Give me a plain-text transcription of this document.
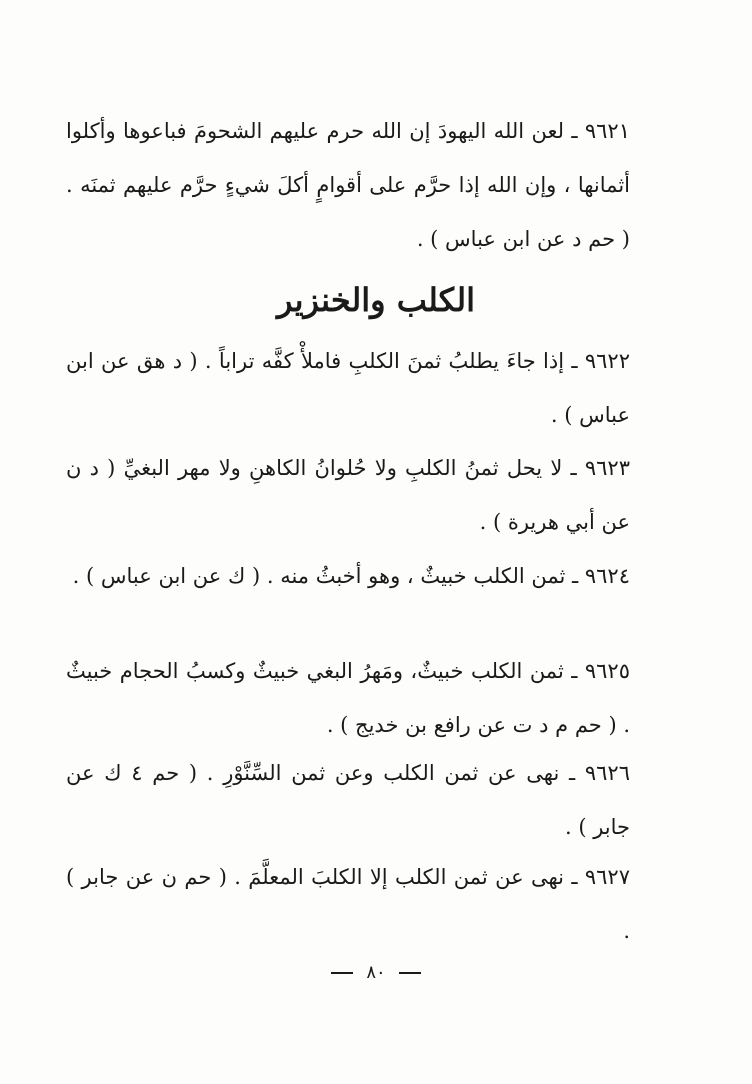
٩٦٢١ ـ لعن الله اليهودَ إن الله حرم عليهم الشحومَ فباعوها وأكلوا أثمانها ، وإن الله إذا حرَّم على أقوامٍ أكلَ شيءٍ حرَّم عليهم ثمنَه . ( حم د عن ابن عباس ) .

الكلب والخنزير

٩٦٢٢ ـ إذا جاءَ يطلبُ ثمنَ الكلبِ فاملأْ كفَّه تراباً . ( د هق عن ابن عباس ) .

٩٦٢٣ ـ لا يحل ثمنُ الكلبِ ولا حُلوانُ الكاهنِ ولا مهر البغيِّ ( د ن عن أبي هريرة ) .

٩٦٢٤ ـ ثمن الكلب خبيثٌ ، وهو أخبثُ منه . ( ك عن ابن عباس ) .

٩٦٢٥ ـ ثمن الكلب خبيثٌ، ومَهرُ البغي خبيثٌ وكسبُ الحجام خبيثٌ . ( حم م د ت عن رافع بن خديج ) .

٩٦٢٦ ـ نهى عن ثمن الكلب وعن ثمن السِّنَّوْرِ . ( حم ٤ ك عن جابر ) .

٩٦٢٧ ـ نهى عن ثمن الكلب إلا الكلبَ المعلَّمَ . ( حم ن عن جابر ) .

٨٠
